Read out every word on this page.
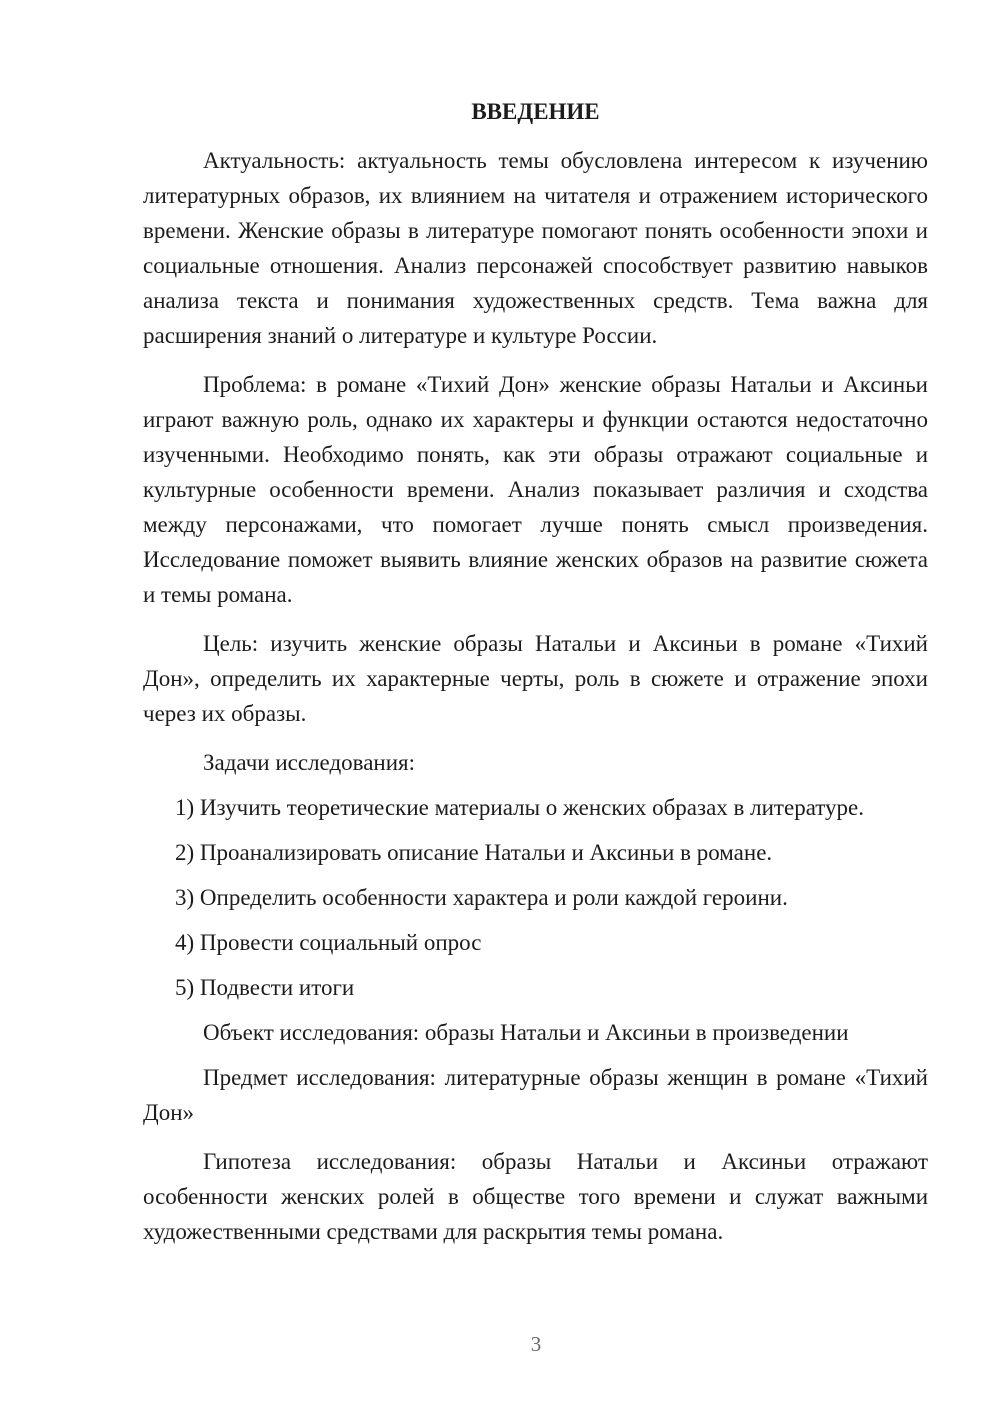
ВВЕДЕНИЕ

Актуальность: актуальность темы обусловлена интересом к изучению литературных образов, их влиянием на читателя и отражением исторического времени. Женские образы в литературе помогают понять особенности эпохи и социальные отношения. Анализ персонажей способствует развитию навыков анализа текста и понимания художественных средств. Тема важна для расширения знаний о литературе и культуре России.

Проблема: в романе «Тихий Дон» женские образы Натальи и Аксиньи играют важную роль, однако их характеры и функции остаются недостаточно изученными. Необходимо понять, как эти образы отражают социальные и культурные особенности времени. Анализ показывает различия и сходства между персонажами, что помогает лучше понять смысл произведения. Исследование поможет выявить влияние женских образов на развитие сюжета и темы романа.

Цель: изучить женские образы Натальи и Аксиньи в романе «Тихий Дон», определить их характерные черты, роль в сюжете и отражение эпохи через их образы.

Задачи исследования:

1) Изучить теоретические материалы о женских образах в литературе.
2) Проанализировать описание Натальи и Аксиньи в романе.
3) Определить особенности характера и роли каждой героини.
4) Провести социальный опрос
5) Подвести итоги

Объект исследования: образы Натальи и Аксиньи в произведении

Предмет исследования: литературные образы женщин в романе «Тихий Дон»

Гипотеза исследования: образы Натальи и Аксиньи отражают особенности женских ролей в обществе того времени и служат важными художественными средствами для раскрытия темы романа.

3
